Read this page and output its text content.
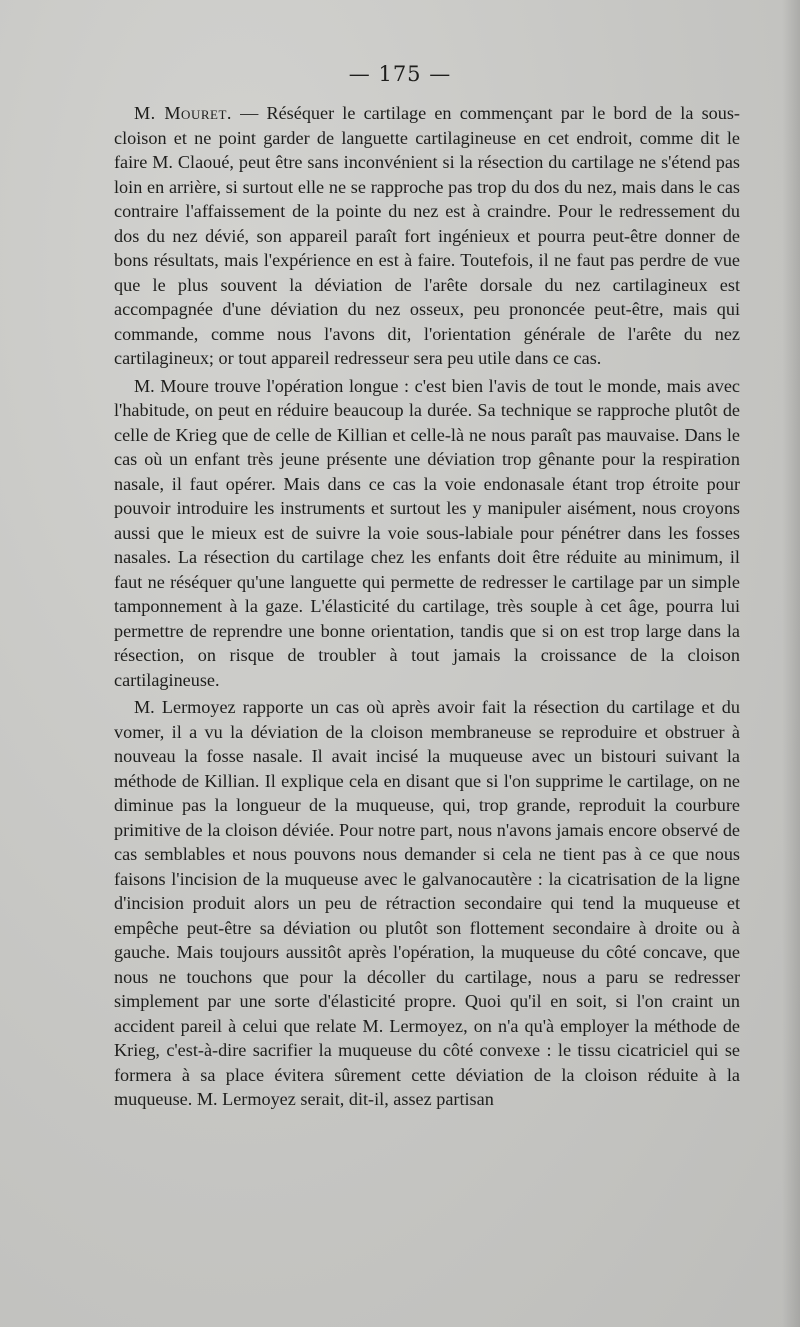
— 175 —

M. Mouret. — Réséquer le cartilage en commençant par le bord de la sous-cloison et ne point garder de languette cartilagineuse en cet endroit, comme dit le faire M. Claoué, peut être sans inconvénient si la résection du cartilage ne s'étend pas loin en arrière, si surtout elle ne se rapproche pas trop du dos du nez, mais dans le cas contraire l'affaissement de la pointe du nez est à craindre. Pour le redressement du dos du nez dévié, son appareil paraît fort ingénieux et pourra peut-être donner de bons résultats, mais l'expérience en est à faire. Toutefois, il ne faut pas perdre de vue que le plus souvent la déviation de l'arête dorsale du nez cartilagineux est accompagnée d'une déviation du nez osseux, peu prononcée peut-être, mais qui commande, comme nous l'avons dit, l'orientation générale de l'arête du nez cartilagineux; or tout appareil redresseur sera peu utile dans ce cas.

M. Moure trouve l'opération longue : c'est bien l'avis de tout le monde, mais avec l'habitude, on peut en réduire beaucoup la durée. Sa technique se rapproche plutôt de celle de Krieg que de celle de Killian et celle-là ne nous paraît pas mauvaise. Dans le cas où un enfant très jeune présente une déviation trop gênante pour la respiration nasale, il faut opérer. Mais dans ce cas la voie endonasale étant trop étroite pour pouvoir introduire les instruments et surtout les y manipuler aisément, nous croyons aussi que le mieux est de suivre la voie sous-labiale pour pénétrer dans les fosses nasales. La résection du cartilage chez les enfants doit être réduite au minimum, il faut ne réséquer qu'une languette qui permette de redresser le cartilage par un simple tamponnement à la gaze. L'élasticité du cartilage, très souple à cet âge, pourra lui permettre de reprendre une bonne orientation, tandis que si on est trop large dans la résection, on risque de troubler à tout jamais la croissance de la cloison cartilagineuse.

M. Lermoyez rapporte un cas où après avoir fait la résection du cartilage et du vomer, il a vu la déviation de la cloison membraneuse se reproduire et obstruer à nouveau la fosse nasale. Il avait incisé la muqueuse avec un bistouri suivant la méthode de Killian. Il explique cela en disant que si l'on supprime le cartilage, on ne diminue pas la longueur de la muqueuse, qui, trop grande, reproduit la courbure primitive de la cloison déviée. Pour notre part, nous n'avons jamais encore observé de cas semblables et nous pouvons nous demander si cela ne tient pas à ce que nous faisons l'incision de la muqueuse avec le galvanocautère : la cicatrisation de la ligne d'incision produit alors un peu de rétraction secondaire qui tend la muqueuse et empêche peut-être sa déviation ou plutôt son flottement secondaire à droite ou à gauche. Mais toujours aussitôt après l'opération, la muqueuse du côté concave, que nous ne touchons que pour la décoller du cartilage, nous a paru se redresser simplement par une sorte d'élasticité propre. Quoi qu'il en soit, si l'on craint un accident pareil à celui que relate M. Lermoyez, on n'a qu'à employer la méthode de Krieg, c'est-à-dire sacrifier la muqueuse du côté convexe : le tissu cicatriciel qui se formera à sa place évitera sûrement cette déviation de la cloison réduite à la muqueuse. M. Lermoyez serait, dit-il, assez partisan
